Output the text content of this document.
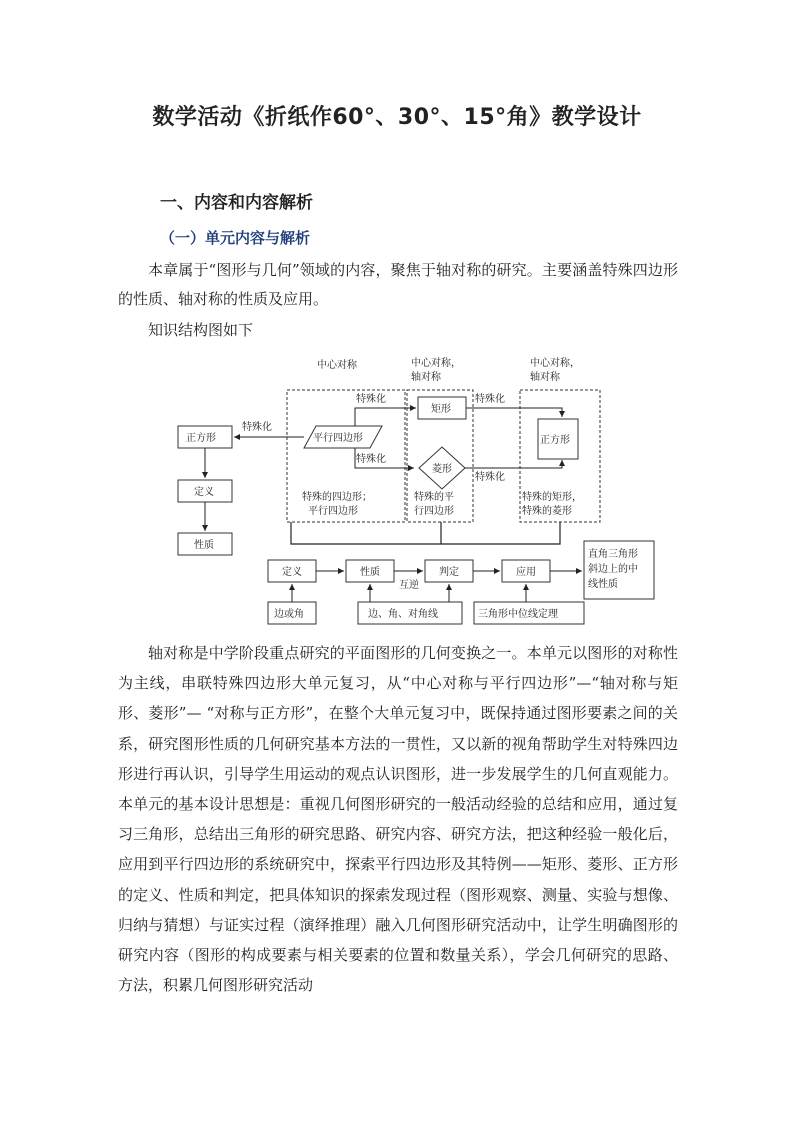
数学活动《折纸作60°、30°、15°角》教学设计
一、内容和内容解析
（一）单元内容与解析
本章属于“图形与几何”领域的内容，聚焦于轴对称的研究。主要涵盖特殊四边形的性质、轴对称的性质及应用。
知识结构图如下
中心对称	中心对称，
轴对称
中心对称，
轴对称
正方形
定义
性质
平行四边形
特殊化
特殊化
特殊化
矩形
菱形
特殊化
特殊化
正方形
特殊的四边形；
平行四边形
特殊的平
行四边形
特殊的矩形，
特殊的菱形
定义	性质	判定	应用
直角三角形
斜边上的中
线性质
互逆
边或角	边、角、对角线	三角形中位线定理
轴对称是中学阶段重点研究的平面图形的几何变换之一。本单元以图形的对称性为主线，串联特殊四边形大单元复习，从“中心对称与平行四边形”—“轴对称与矩形、菱形”— “对称与正方形”，在整个大单元复习中，既保持通过图形要素之间的关系，研究图形性质的几何研究基本方法的一贯性，又以新的视角帮助学生对特殊四边形进行再认识，引导学生用运动的观点认识图形，进一步发展学生的几何直观能力。本单元的基本设计思想是：重视几何图形研究的一般活动经验的总结和应用，通过复习三角形，总结出三角形的研究思路、研究内容、研究方法，把这种经验一般化后，应用到平行四边形的系统研究中，探索平行四边形及其特例——矩形、菱形、正方形的定义、性质和判定，把具体知识的探索发现过程（图形观察、测量、实验与想像、归纳与猜想）与证实过程（演绎推理）融入几何图形研究活动中，让学生明确图形的研究内容（图形的构成要素与相关要素的位置和数量关系），学会几何研究的思路、方法，积累几何图形研究活动
